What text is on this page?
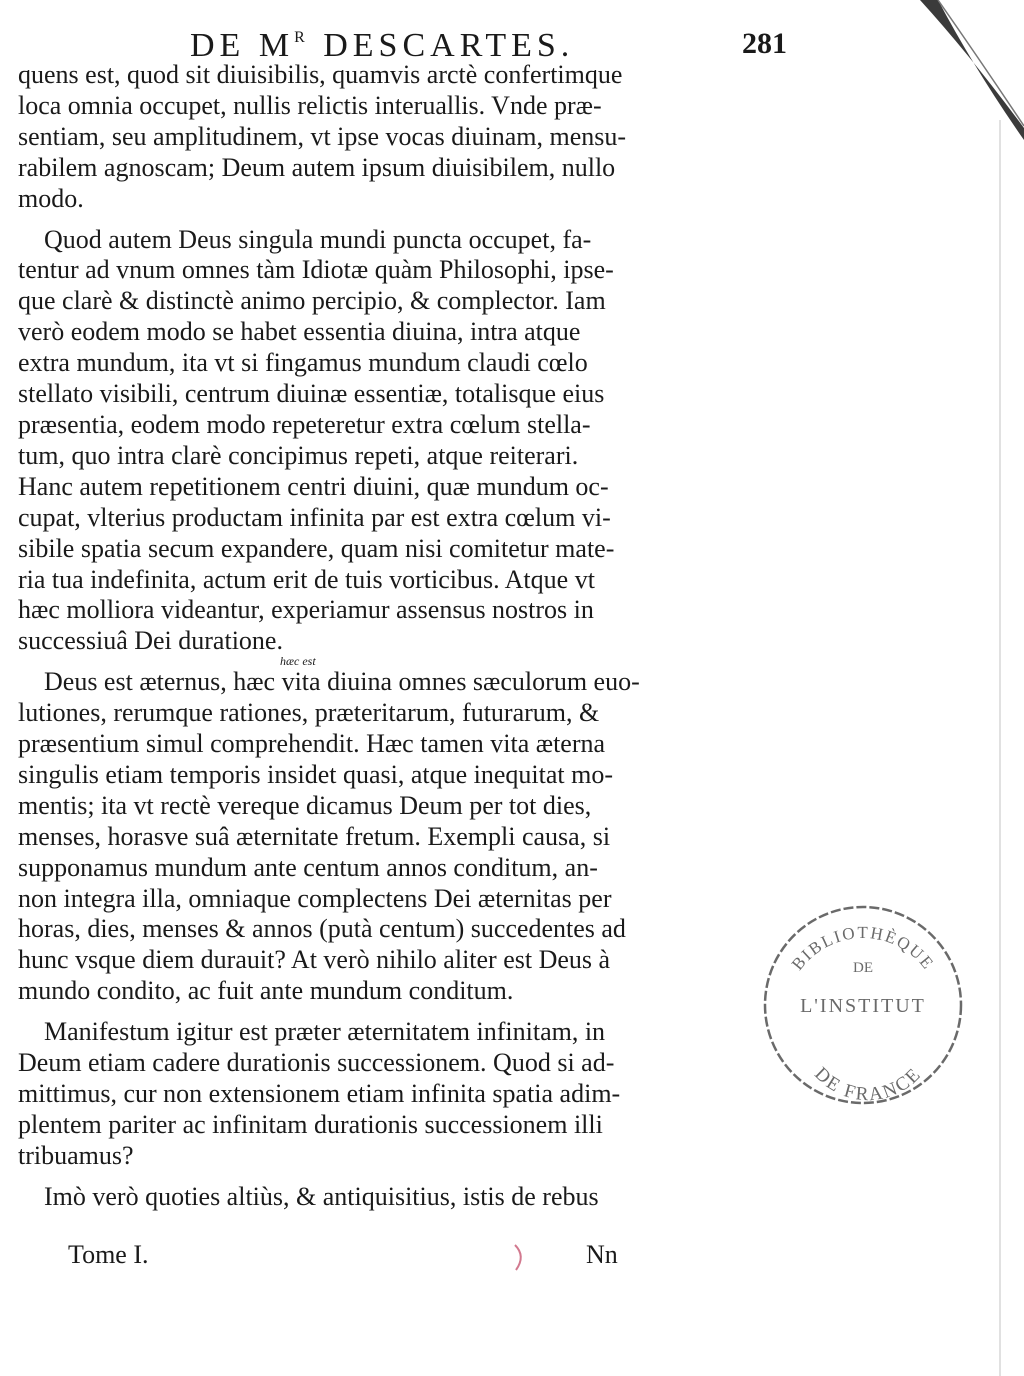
DE $M^R$ DESCARTES.	281
quens est, quod sit diuisibilis, quamvis arctè confertimque
loca omnia occupet, nullis relictis interuallis. Vnde præ-
sentiam, seu amplitudinem, vt ipse vocas diuinam, mensu-
rabilem agnoscam; Deum autem ipsum diuisibilem, nullo
modo.
Quod autem Deus singula mundi puncta occupet, fa-
tentur ad vnum omnes tàm Idiotæ quàm Philosophi, ipse-
que clarè & distinctè animo percipio, & complector. Iam
verò eodem modo se habet essentia diuina, intra atque
extra mundum, ita vt si fingamus mundum claudi cœlo
stellato visibili, centrum diuinæ essentiæ, totalisque eius
præsentia, eodem modo repeteretur extra cœlum stella-
tum, quo intra clarè concipimus repeti, atque reiterari.
Hanc autem repetitionem centri diuini, quæ mundum oc-
cupat, vlterius productam infinita par est extra cœlum vi-
sibile spatia secum expandere, quam nisi comitetur mate-
ria tua indefinita, actum erit de tuis vorticibus. Atque vt
hæc molliora videantur, experiamur assensus nostros in
successiuâ Dei duratione.
hæc est
Deus est æternus, hæc vita diuina omnes sæculorum euo-
lutiones, rerumque rationes, præteritarum, futurarum, &
præsentium simul comprehendit. Hæc tamen vita æterna
singulis etiam temporis insidet quasi, atque inequitat mo-
mentis; ita vt rectè vereque dicamus Deum per tot dies,
menses, horasve suâ æternitate fretum. Exempli causa, si
supponamus mundum ante centum annos conditum, an-
non integra illa, omniaque complectens Dei æternitas per
horas, dies, menses & annos (putà centum) succedentes ad
hunc vsque diem durauit? At verò nihilo aliter est Deus à
mundo condito, ac fuit ante mundum conditum.
Manifestum igitur est præter æternitatem infinitam, in
Deum etiam cadere durationis successionem. Quod si ad-
mittimus, cur non extensionem etiam infinita spatia adim-
plentem pariter ac infinitam durationis successionem illi
tribuamus?
Imò verò quoties altiùs, & antiquisitius, istis de rebus
Tome I.	Nn
BIBLIOTHÈQUE
DE
L'INSTITUT
DE FRANCE
